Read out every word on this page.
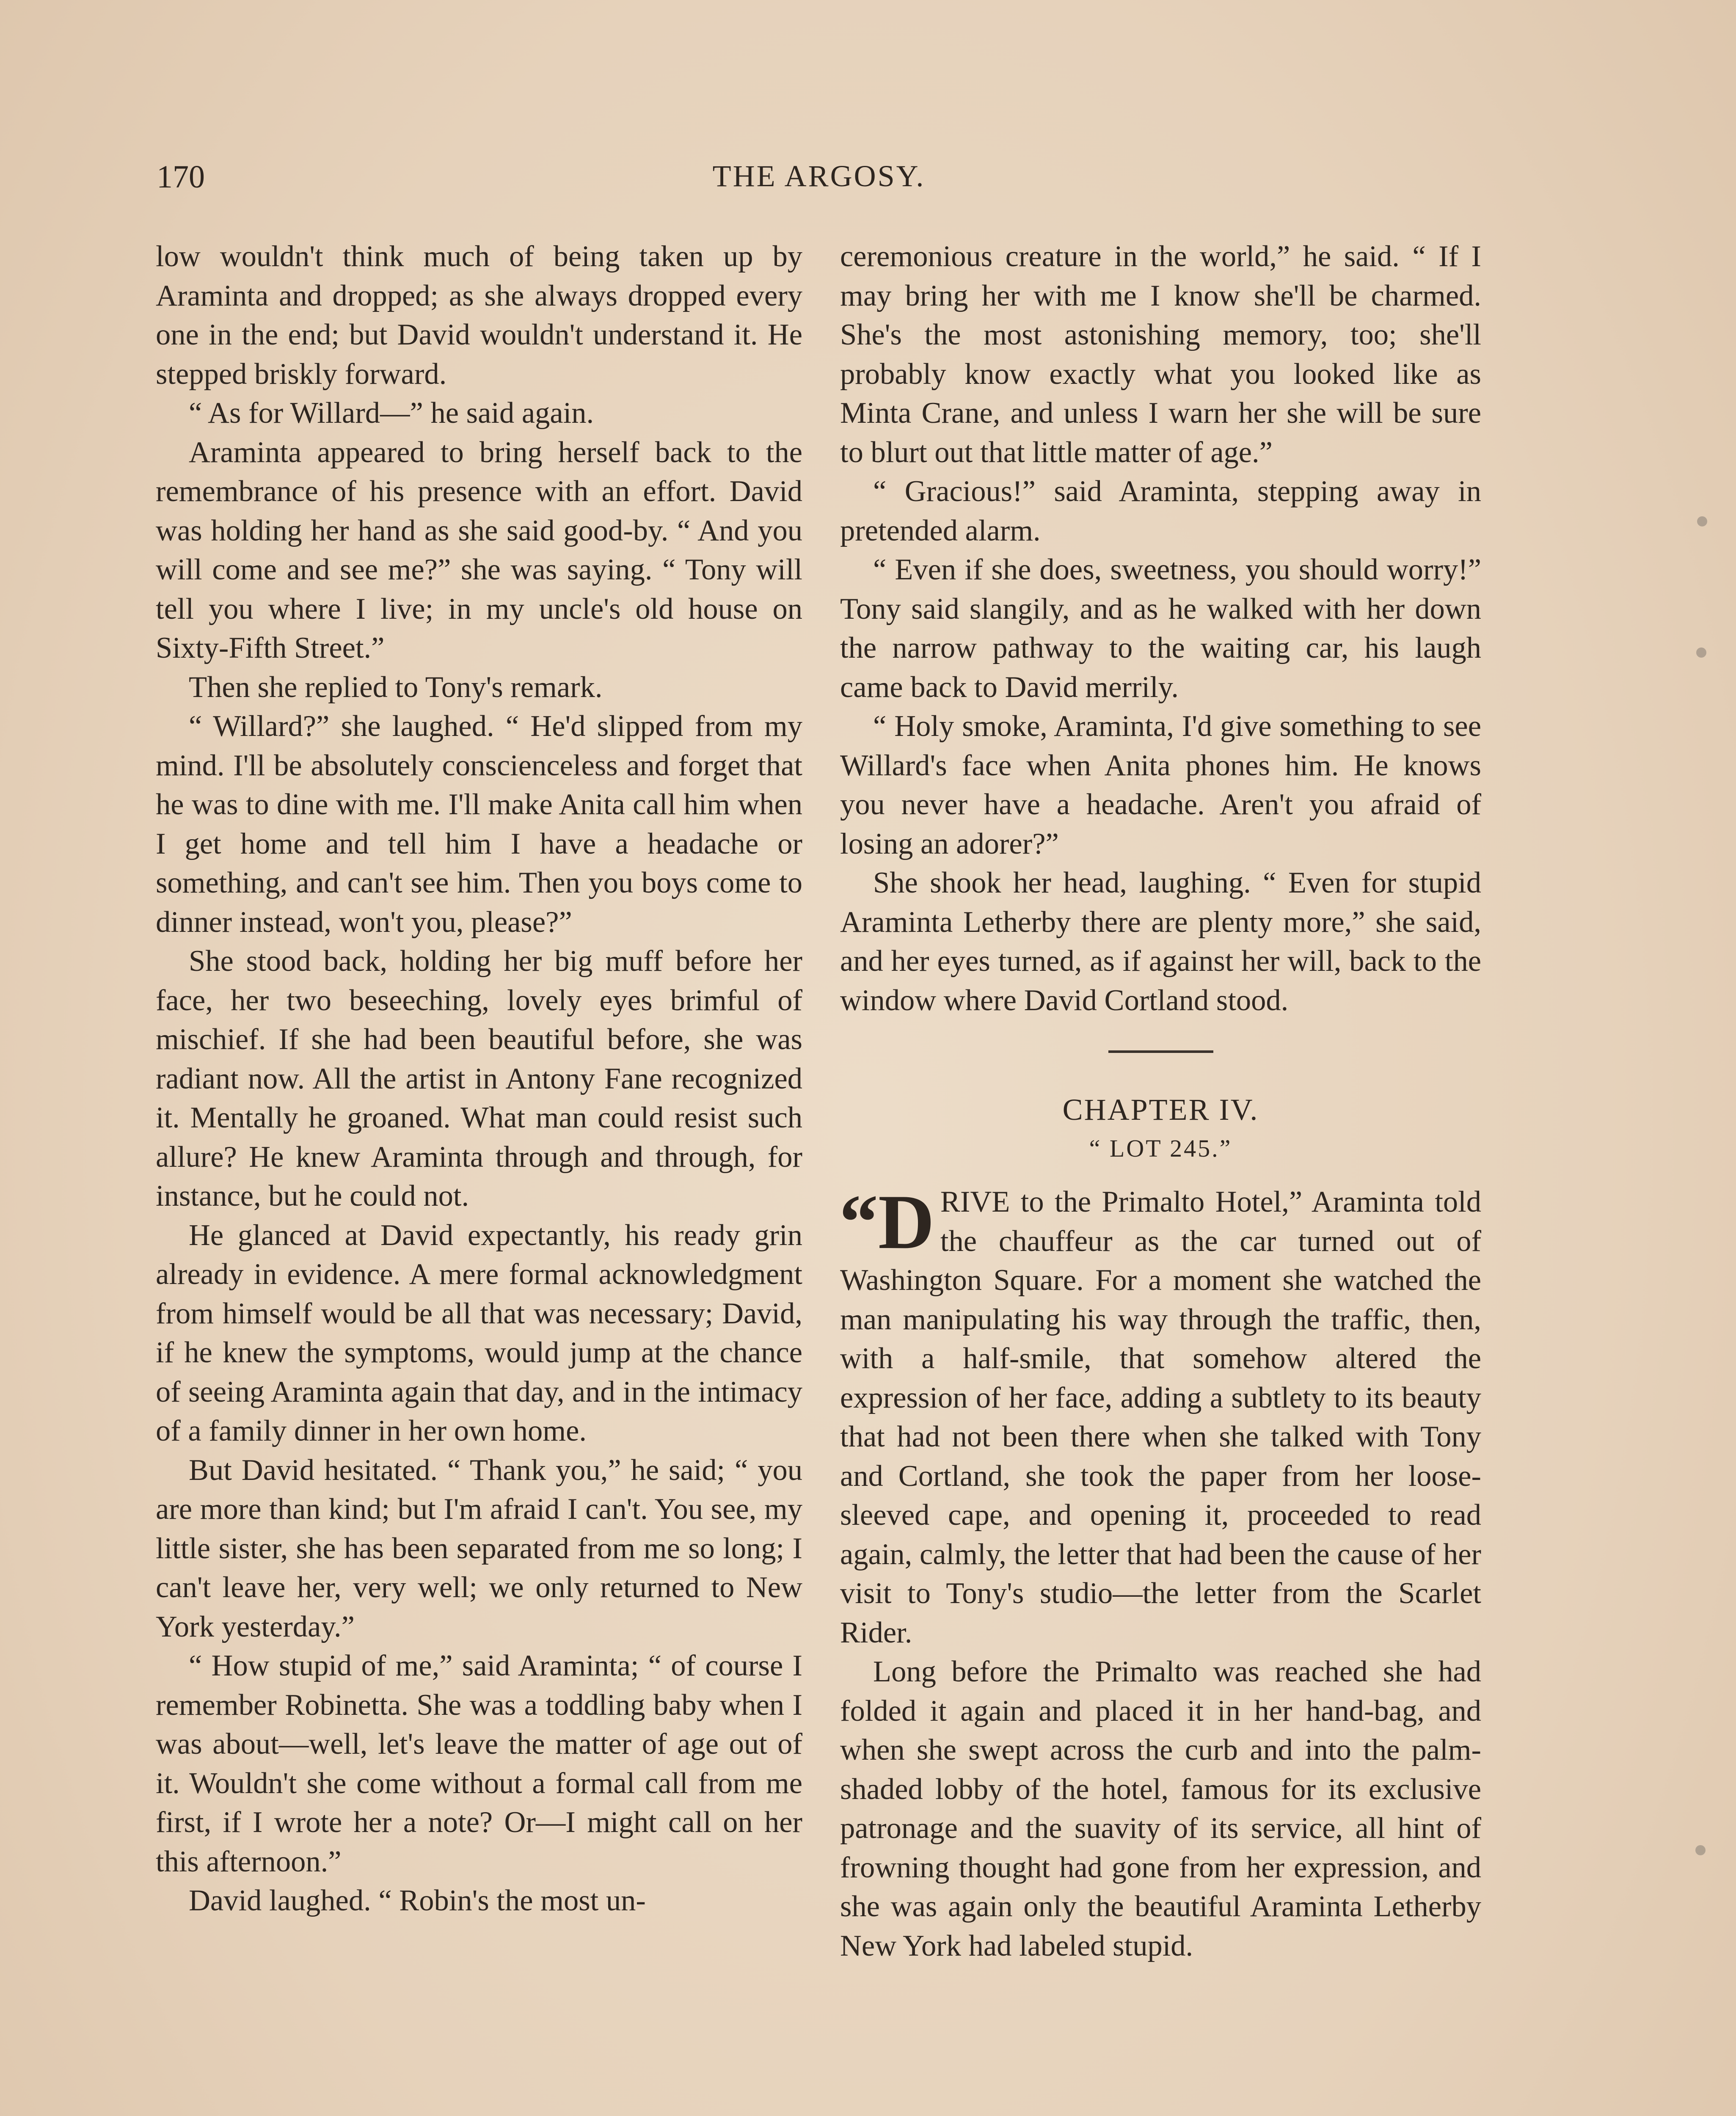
170	THE ARGOSY.

low wouldn't think much of being taken up by Araminta and dropped; as she always dropped every one in the end; but David wouldn't understand it. He stepped briskly forward.

“ As for Willard—” he said again.

Araminta appeared to bring herself back to the remembrance of his presence with an effort. David was holding her hand as she said good-by. “ And you will come and see me?” she was saying. “ Tony will tell you where I live; in my uncle's old house on Sixty-Fifth Street.”

Then she replied to Tony's remark.

“ Willard?” she laughed. “ He'd slipped from my mind. I'll be absolutely conscienceless and forget that he was to dine with me. I'll make Anita call him when I get home and tell him I have a headache or something, and can't see him. Then you boys come to dinner instead, won't you, please?”

She stood back, holding her big muff before her face, her two beseeching, lovely eyes brimful of mischief. If she had been beautiful before, she was radiant now. All the artist in Antony Fane recognized it. Mentally he groaned. What man could resist such allure? He knew Araminta through and through, for instance, but he could not.

He glanced at David expectantly, his ready grin already in evidence. A mere formal acknowledgment from himself would be all that was necessary; David, if he knew the symptoms, would jump at the chance of seeing Araminta again that day, and in the intimacy of a family dinner in her own home.

But David hesitated. “ Thank you,” he said; “ you are more than kind; but I'm afraid I can't. You see, my little sister, she has been separated from me so long; I can't leave her, very well; we only returned to New York yesterday.”

“ How stupid of me,” said Araminta; “ of course I remember Robinetta. She was a toddling baby when I was about—well, let's leave the matter of age out of it. Wouldn't she come without a formal call from me first, if I wrote her a note? Or—I might call on her this afternoon.”

David laughed. “ Robin's the most un-

ceremonious creature in the world,” he said. “ If I may bring her with me I know she'll be charmed. She's the most astonishing memory, too; she'll probably know exactly what you looked like as Minta Crane, and unless I warn her she will be sure to blurt out that little matter of age.”

“ Gracious!” said Araminta, stepping away in pretended alarm.

“ Even if she does, sweetness, you should worry!” Tony said slangily, and as he walked with her down the narrow pathway to the waiting car, his laugh came back to David merrily.

“ Holy smoke, Araminta, I'd give something to see Willard's face when Anita phones him. He knows you never have a headache. Aren't you afraid of losing an adorer?”

She shook her head, laughing. “ Even for stupid Araminta Letherby there are plenty more,” she said, and her eyes turned, as if against her will, back to the window where David Cortland stood.

CHAPTER IV.
“ LOT 245.”

“D RIVE to the Primalto Hotel,” Araminta told the chauffeur as the car turned out of Washington Square. For a moment she watched the man manipulating his way through the traffic, then, with a half-smile, that somehow altered the expression of her face, adding a subtlety to its beauty that had not been there when she talked with Tony and Cortland, she took the paper from her loose-sleeved cape, and opening it, proceeded to read again, calmly, the letter that had been the cause of her visit to Tony's studio—the letter from the Scarlet Rider.

Long before the Primalto was reached she had folded it again and placed it in her hand-bag, and when she swept across the curb and into the palm-shaded lobby of the hotel, famous for its exclusive patronage and the suavity of its service, all hint of frowning thought had gone from her expression, and she was again only the beautiful Araminta Letherby New York had labeled stupid.
